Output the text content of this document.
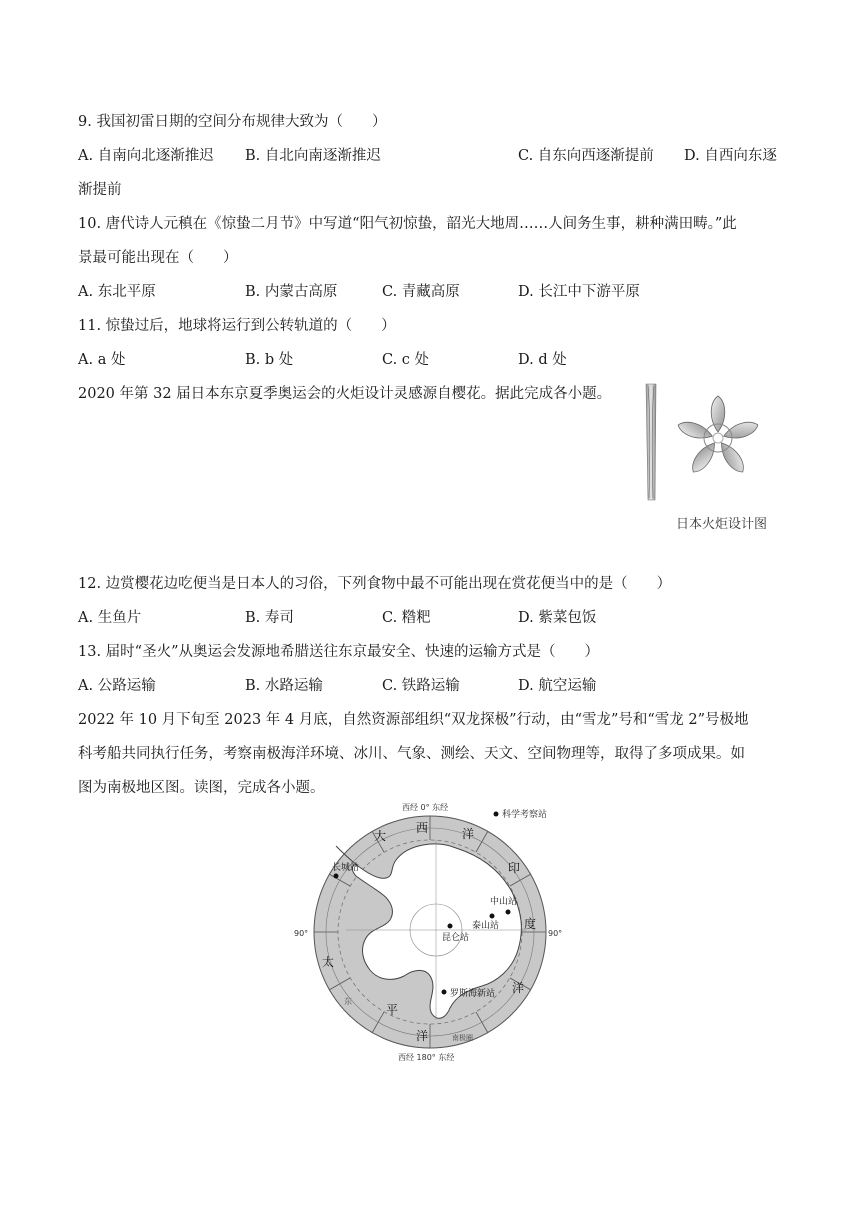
9. 我国初雷日期的空间分布规律大致为（　　）
A. 自南向北逐渐推迟 B. 自北向南逐渐推迟	C. 自东向西逐渐提前 D. 自西向东逐
渐提前
10. 唐代诗人元稹在《惊蛰二月节》中写道“阳气初惊蛰，韶光大地周……人间务生事，耕种满田畴。”此
景最可能出现在（　　）
A. 东北平原	B. 内蒙古高原	C. 青藏高原	D. 长江中下游平原
11. 惊蛰过后，地球将运行到公转轨道的（　　）
A. a 处	B. b 处	C. c 处	D. d 处
2020 年第 32 届日本东京夏季奥运会的火炬设计灵感源自樱花。据此完成各小题。
日本火炬设计图
12. 边赏樱花边吃便当是日本人的习俗，下列食物中最不可能出现在赏花便当中的是（　　）
A. 生鱼片	B. 寿司	C. 糌粑	D. 紫菜包饭
13. 届时“圣火”从奥运会发源地希腊送往东京最安全、快速的运输方式是（　　）
A. 公路运输	B. 水路运输	C. 铁路运输	D. 航空运输
2022 年 10 月下旬至 2023 年 4 月底，自然资源部组织“双龙探极”行动，由“雪龙”号和“雪龙 2”号极地
科考船共同执行任务，考察南极海洋环境、冰川、气象、测绘、天文、空间物理等，取得了多项成果。如
图为南极地区图。读图，完成各小题。
西经 0° 东经
西经 180° 东经
90°	90°
科学考察站
长城站
中山站
泰山站
昆仑站
罗斯海新站
大
西	洋
印
度
洋
太
平
洋	南极圈
东
